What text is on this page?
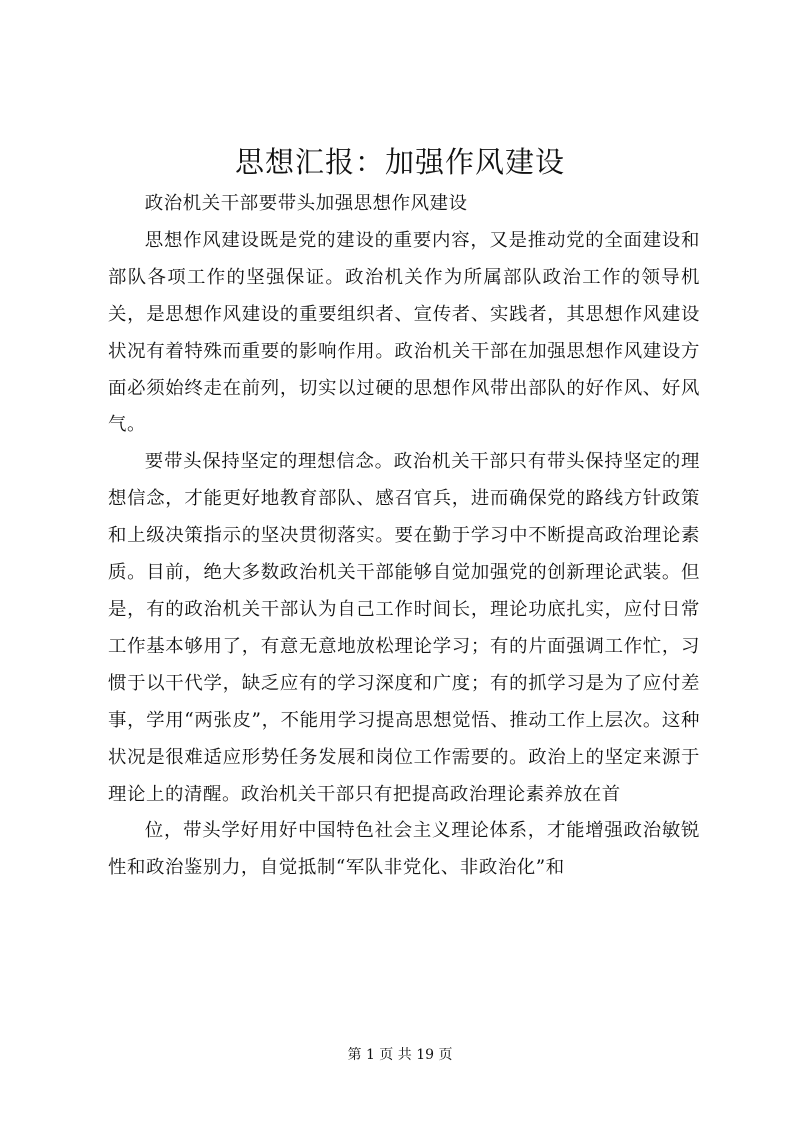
思想汇报：加强作风建设

政治机关干部要带头加强思想作风建设

思想作风建设既是党的建设的重要内容，又是推动党的全面建设和部队各项工作的坚强保证。政治机关作为所属部队政治工作的领导机关，是思想作风建设的重要组织者、宣传者、实践者，其思想作风建设状况有着特殊而重要的影响作用。政治机关干部在加强思想作风建设方面必须始终走在前列，切实以过硬的思想作风带出部队的好作风、好风气。

要带头保持坚定的理想信念。政治机关干部只有带头保持坚定的理想信念，才能更好地教育部队、感召官兵，进而确保党的路线方针政策和上级决策指示的坚决贯彻落实。要在勤于学习中不断提高政治理论素质。目前，绝大多数政治机关干部能够自觉加强党的创新理论武装。但是，有的政治机关干部认为自己工作时间长，理论功底扎实，应付日常工作基本够用了，有意无意地放松理论学习；有的片面强调工作忙，习惯于以干代学，缺乏应有的学习深度和广度；有的抓学习是为了应付差事，学用“两张皮”，不能用学习提高思想觉悟、推动工作上层次。这种状况是很难适应形势任务发展和岗位工作需要的。政治上的坚定来源于理论上的清醒。政治机关干部只有把提高政治理论素养放在首

位，带头学好用好中国特色社会主义理论体系，才能增强政治敏锐性和政治鉴别力，自觉抵制“军队非党化、非政治化”和

第 1 页 共 19 页
